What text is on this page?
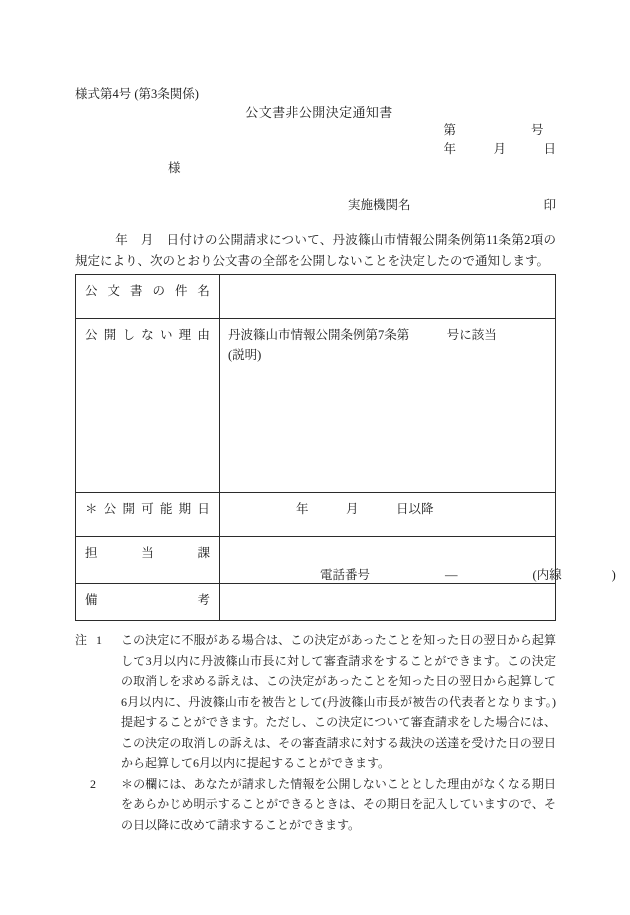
様式第4号 (第3条関係)
公文書非公開決定通知書
第　　　　　　号
年　　　月　　　日
様
実施機関名	印
年　月　日付けの公開請求について、丹波篠山市情報公開条例第11条第2項の規定により、次のとおり公文書の全部を公開しないことを決定したので通知します。
公 文 書 の 件 名

公 開 し な い 理 由	丹波篠山市情報公開条例第7条第　　　号に該当
(説明)

＊ 公 開 可 能 期 日	年　　　月　　　日以降

担 当 課	電話番号　　　　　　—　　　　　　(内線　　　　)

備 考	

注 1	この決定に不服がある場合は、この決定があったことを知った日の翌日から起算して3月以内に丹波篠山市長に対して審査請求をすることができます。この決定の取消しを求める訴えは、この決定があったことを知った日の翌日から起算して6月以内に、丹波篠山市を被告として(丹波篠山市長が被告の代表者となります。)提起することができます。ただし、この決定について審査請求をした場合には、この決定の取消しの訴えは、その審査請求に対する裁決の送達を受けた日の翌日から起算して6月以内に提起することができます。
2	＊の欄には、あなたが請求した情報を公開しないこととした理由がなくなる期日をあらかじめ明示することができるときは、その期日を記入していますので、その日以降に改めて請求することができます。
